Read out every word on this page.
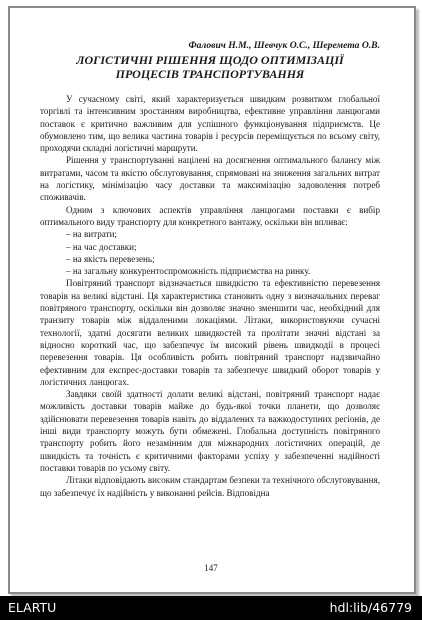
Фалович Н.М., Шевчук О.С., Шеремета О.В.
ЛОГІСТИЧНІ РІШЕННЯ ЩОДО ОПТИМІЗАЦІЇ
ПРОЦЕСІВ ТРАНСПОРТУВАННЯ

У сучасному світі, який характеризується швидким розвитком глобальної торгівлі та інтенсивним зростанням виробництва, ефективне управління ланцюгами поставок є критично важливим для успішного функціонування підприємств. Це обумовлено тим, що велика частина товарів і ресурсів переміщується по всьому світу, проходячи складні логістичні маршрути.

Рішення у транспортуванні націлені на досягнення оптимального балансу між витратами, часом та якістю обслуговування, спрямовані на зниження загальних витрат на логістику, мінімізацію часу доставки та максимізацію задоволення потреб споживачів.

Одним з ключових аспектів управління ланцюгами поставки є вибір оптимального виду транспорту для конкретного вантажу, оскільки він впливає:

– на витрати;
– на час доставки;
– на якість перевезень;
– на загальну конкурентоспроможність підприємства на ринку.

Повітряний транспорт відзначається швидкістю та ефективністю перевезення товарів на великі відстані. Ця характеристика становить одну з визначальних переваг повітряного транспорту, оскільки він дозволяє значно зменшити час, необхідний для транзиту товарів між віддаленими локаціями. Літаки, використовуючи сучасні технології, здатні досягати великих швидкостей та пролітати значні відстані за відносно короткий час, що забезпечує їм високий рівень швидкодії в процесі перевезення товарів. Ця особливість робить повітряний транспорт надзвичайно ефективним для експрес-доставки товарів та забезпечує швидкий оборот товарів у логістичних ланцюгах.

Завдяки своїй здатності долати великі відстані, повітряний транспорт надає можливість доставки товарів майже до будь-якої точки планети, що дозволяє здійснювати перевезення товарів навіть до віддалених та важкодоступних регіонів, де інші види транспорту можуть бути обмежені. Глобальна доступність повітряного транспорту робить його незамінним для міжнародних логістичних операцій, де швидкість та точність є критичними факторами успіху у забезпеченні надійності поставки товарів по усьому світу.

Літаки відповідають високим стандартам безпеки та технічного обслуговування, що забезпечує їх надійність у виконанні рейсів. Відповідна

147
ELARTU	hdl:lib/46779
